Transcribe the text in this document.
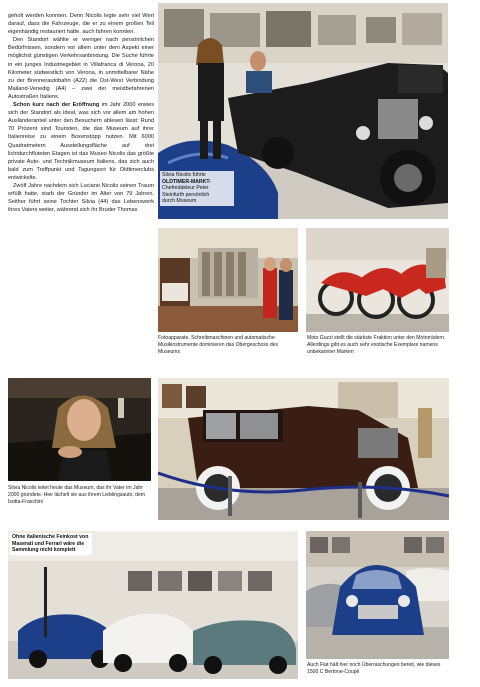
geholt werden konnten. Denn Nicolis legte sehr viel Wert darauf, dass die Fahrzeuge, die er zu einem großen Teil eigenhändig restauriert hatte, auch fahren konnten.

Den Standort wählte er weniger nach persönlichen Bedürfnissen, sondern vor allem unter dem Aspekt einer möglichst günstigen Verkehrsanbindung. Die Suche führte in ein junges Industriegebiet in Villafranca di Verona, 20 Kilometer südwestlich von Verona, in unmittelbarer Nähe zu der Brennerautobahn (A22) die Ost-West Verbindung Mailand-Venedig (A4) – zwei der meistbefahrenen Autostraßen Italiens.

Schon kurz nach der Eröffnung im Jahr 2000 erwies sich der Standort als ideal, was sich vor allem am hohen Ausländeranteil unter den Besuchern ablesen lässt: Rund 70 Prozent sind Touristen, die das Museum auf ihrer Italienreise zu einem Boxenstopp nutzen. Mit 6000 Quadratmetern Ausstellungsfläche auf drei lichtdurchfluteten Etagen ist das Museo Nicolis das größte private Auto- und Technikmuseum Italiens, das sich auch bald zum Treffpunkt und Tagungsort für Oldtimerclubs entwickelte.

Zwölf Jahre nachdem sich Luciano Nicolis seinen Traum erfüllt hatte, starb der Gründer im Alter von 79 Jahren. Seither führt seine Tochter Silvia (44) das Lebenswerk ihres Vaters weiter, während sich ihr Bruder Thomas

Silvia Nicolis führte
OLDTIMER-MARKT-
Chefredakteur Peter
Steinfurth persönlich
durch Museum

Fotoapparate, Schreibmaschinen und automatische Musikinstrumente dominieren das Obergeschoss des Museums

Moto Guzzi stellt die stärkste Fraktion unter den Motorrädern. Allerdings gibt es auch sehr exotische Exemplare namens unbekannter Marken

Silvia Nicolis leitet heute das Museum, das ihr Vater im Jahr 2000 gründete. Hier lächelt sie aus ihrem Lieblingsauto, dem Isotta-Fraschini

Ohne italienische Feinkost von Maserati und Ferrari wäre die Sammlung nicht komplett

Auch Fiat hält hier noch Überraschungen bereit, wie dieses 1500 C Bertone-Coupé
